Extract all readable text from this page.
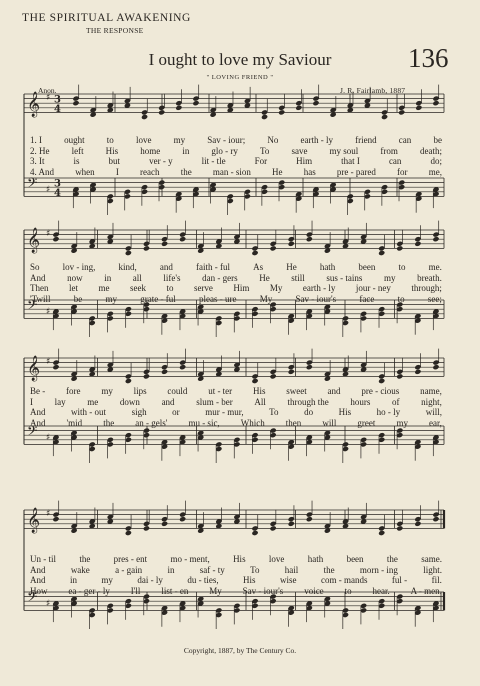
THE SPIRITUAL AWAKENING
THE RESPONSE
I ought to love my Saviour	136
" LOVING FRIEND "
Anon.	J. R. Fairlamb, 1887
𝄞 ♯ 3
4
𝄢 ♯
3
4
𝄞 ♯
𝄢 ♯
𝄞 ♯
𝄢 ♯
𝄞 ♯
𝄢 ♯
1. I ought to love my Sav - iour; No earth - ly friend can be
2. He left His home in glo - ry To save my soul from death;
3. It	is	but	ver - y	lit - tle	For	Him	that I	can	do;
4. And when I reach the man - sion He has pre - pared for me,
So	lov - ing,	kind,	and	faith - ful	As	He	hath	been	to	me.
And now in all life's dan - gers He still sus - tains my breath.
Then let me seek to serve Him My earth - ly jour - ney through;
'Twill	be	my	grate - ful	pleas - ure	My	Sav - iour's	face	to	see;
Be - fore my lips could ut - ter His sweet and pre - cious name,
I lay me down and slum - ber All through the hours of night,
And	with - out	sigh	or	mur - mur,	To	do	His	ho - ly	will,
And 'mid the an - gels' mu - sic, Which then will greet my ear,
Un - til	the	pres - ent	mo - ment,	His	love	hath	been	the	same.
And	wake	a - gain	in	saf - ty	To	hail	the	morn - ing	light.
And	in	my	dai - ly	du - ties,	His	wise	com - mands	ful -	fil.
How ea - ger - ly I'll list - en My Sav - iour's voice to hear. A - men.
Copyright, 1887, by The Century Co.
